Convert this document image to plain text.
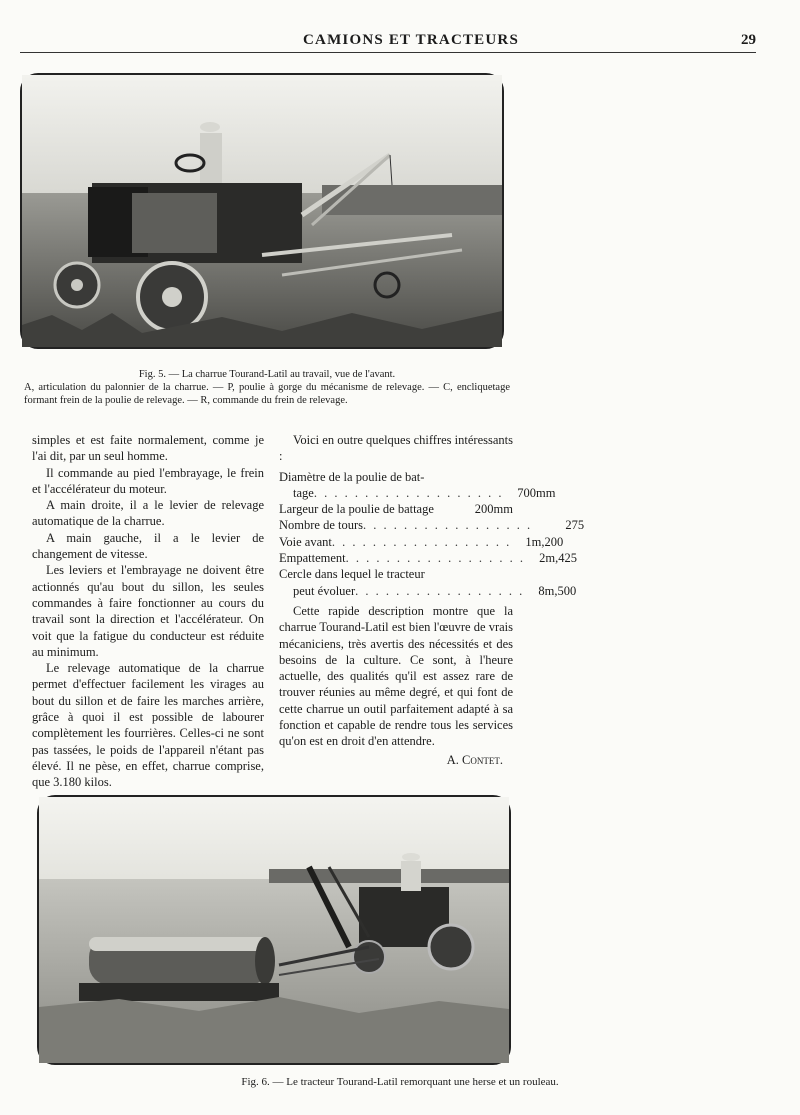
CAMIONS ET TRACTEURS	29
Fig. 5. — La charrue Tourand-Latil au travail, vue de l'avant.
A, articulation du palonnier de la charrue. — P, poulie à gorge du mécanisme de relevage. — C, encliquetage formant frein de la poulie de relevage. — R, commande du frein de relevage.

simples et est faite normalement, comme je l'ai dit, par un seul homme.

Il commande au pied l'embrayage, le frein et l'accélérateur du moteur.

A main droite, il a le levier de relevage automatique de la charrue.

A main gauche, il a le levier de changement de vitesse.

Les leviers et l'embrayage ne doivent être actionnés qu'au bout du sillon, les seules commandes à faire fonctionner au cours du travail sont la direction et l'accélérateur. On voit que la fatigue du conducteur est réduite au minimum.

Le relevage automatique de la charrue permet d'effectuer facilement les virages au bout du sillon et de faire les marches arrière, grâce à quoi il est possible de labourer complètement les fourrières. Celles-ci ne sont pas tassées, le poids de l'appareil n'étant pas élevé. Il ne pèse, en effet, charrue comprise, que 3.180 kilos.

Voici en outre quelques chiffres intéressants :

Diamètre de la poulie de bat-
tage . . . . . . . . . . . . . . . . . . .	700mm
Largeur de la poulie de battage	200mm
Nombre de tours . . . . . . . . . . . . . . . . .	275
Voie avant . . . . . . . . . . . . . . . . . .	1m,200
Empattement . . . . . . . . . . . . . . . . . .	2m,425
Cercle dans lequel le tracteur
peut évoluer . . . . . . . . . . . . . . . . .	8m,500

Cette rapide description montre que la charrue Tourand-Latil est bien l'œuvre de vrais mécaniciens, très avertis des nécessités et des besoins de la culture. Ce sont, à l'heure actuelle, des qualités qu'il est assez rare de trouver réunies au même degré, et qui font de cette charrue un outil parfaitement adapté à sa fonction et capable de rendre tous les services qu'on est en droit d'en attendre.

A. Contet.
Fig. 6. — Le tracteur Tourand-Latil remorquant une herse et un rouleau.
